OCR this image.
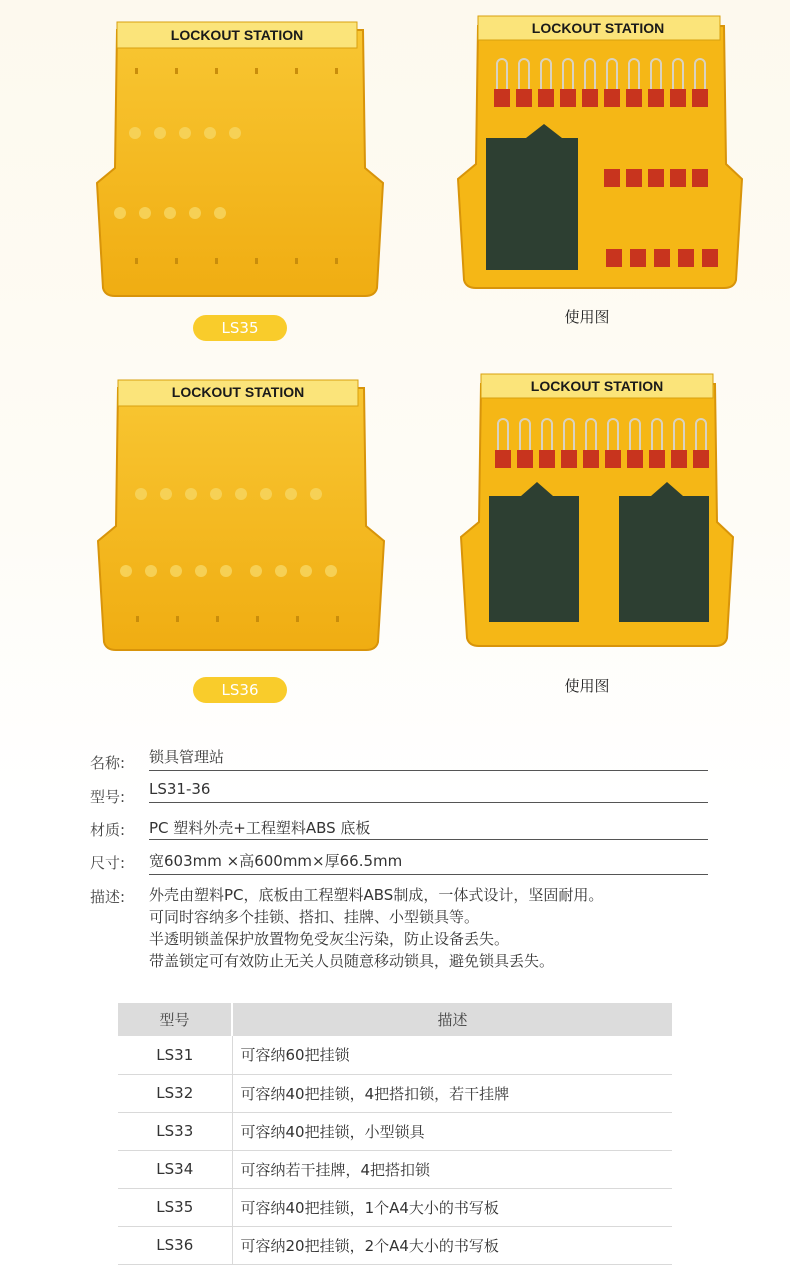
LOCKOUT STATION
LS35
LOCKOUT STATION
使用图
LOCKOUT STATION
LS36
LOCKOUT STATION
使用图
名称:	锁具管理站
型号:	LS31-36
材质:	PC 塑料外壳+工程塑料ABS 底板
尺寸:	宽603mm ×高600mm×厚66.5mm
描述:	外壳由塑料PC，底板由工程塑料ABS制成，一体式设计，坚固耐用。
可同时容纳多个挂锁、搭扣、挂牌、小型锁具等。
半透明锁盖保护放置物免受灰尘污染，防止设备丢失。
带盖锁定可有效防止无关人员随意移动锁具，避免锁具丢失。
型号	描述
LS31	可容纳60把挂锁
LS32	可容纳40把挂锁，4把搭扣锁，若干挂牌
LS33	可容纳40把挂锁，小型锁具
LS34	可容纳若干挂牌，4把搭扣锁
LS35	可容纳40把挂锁，1个A4大小的书写板
LS36	可容纳20把挂锁，2个A4大小的书写板
